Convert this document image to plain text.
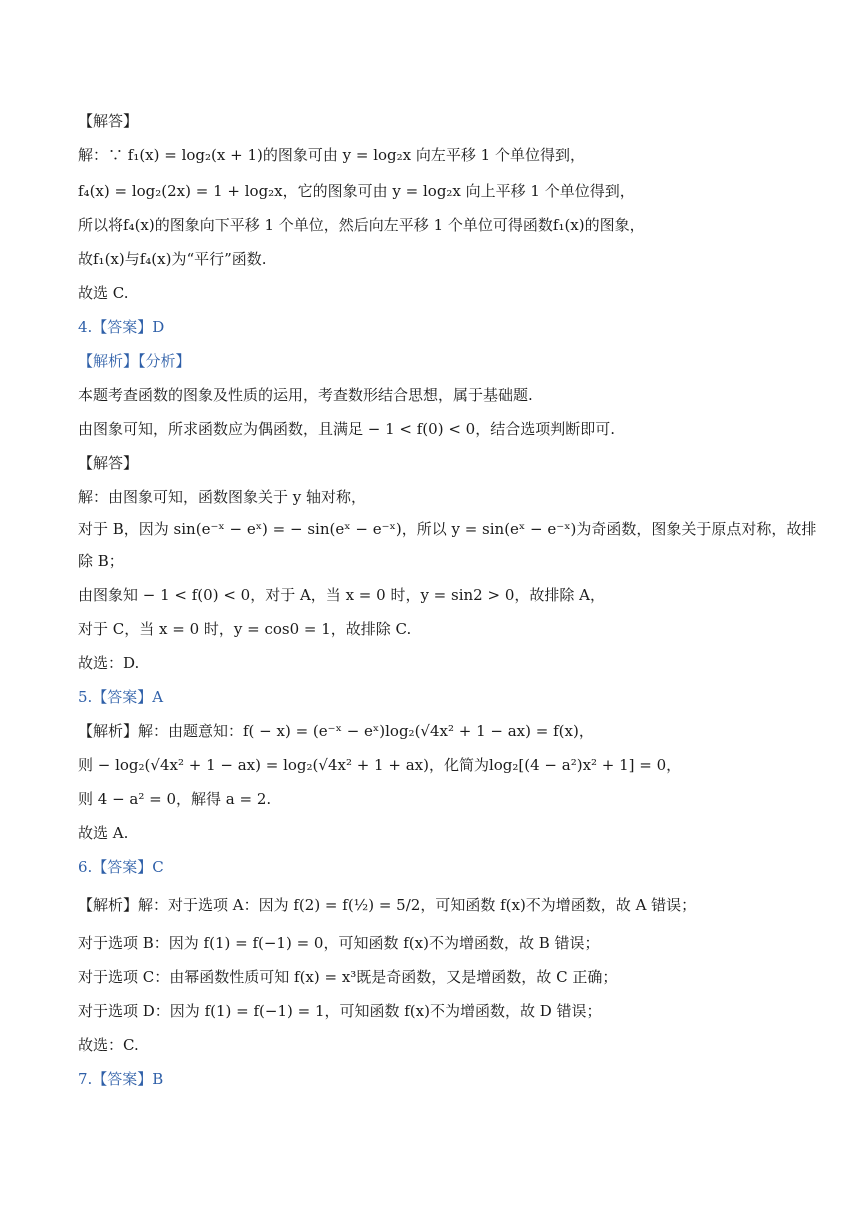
【解答】
解：∵ f₁(x) = log₂(x + 1)的图象可由 y = log₂x 向左平移 1 个单位得到，
f₄(x) = log₂(2x) = 1 + log₂x，它的图象可由 y = log₂x 向上平移 1 个单位得到，
所以将f₄(x)的图象向下平移 1 个单位，然后向左平移 1 个单位可得函数f₁(x)的图象，
故f₁(x)与f₄(x)为“平行”函数.
故选 C.
4.【答案】D
【解析】【分析】
本题考查函数的图象及性质的运用，考查数形结合思想，属于基础题.
由图象可知，所求函数应为偶函数，且满足 − 1 < f(0) < 0，结合选项判断即可.
【解答】
解：由图象可知，函数图象关于 y 轴对称，
对于 B，因为 sin(e⁻ˣ − eˣ) = − sin(eˣ − e⁻ˣ)，所以 y = sin(eˣ − e⁻ˣ)为奇函数，图象关于原点对称，故排
除 B；
由图象知 − 1 < f(0) < 0，对于 A，当 x = 0 时，y = sin2 > 0，故排除 A，
对于 C，当 x = 0 时，y = cos0 = 1，故排除 C.
故选：D.
5.【答案】A
【解析】解：由题意知：f( − x) = (e⁻ˣ − eˣ)log₂(√4x² + 1 − ax) = f(x)，
则 − log₂(√4x² + 1 − ax) = log₂(√4x² + 1 + ax)，化简为log₂[(4 − a²)x² + 1] = 0，
则 4 − a² = 0，解得 a = 2.
故选 A.
6.【答案】C
【解析】解：对于选项 A：因为 f(2) = f(½) = 5/2，可知函数 f(x)不为增函数，故 A 错误；
对于选项 B：因为 f(1) = f(−1) = 0，可知函数 f(x)不为增函数，故 B 错误；
对于选项 C：由幂函数性质可知 f(x) = x³既是奇函数，又是增函数，故 C 正确；
对于选项 D：因为 f(1) = f(−1) = 1，可知函数 f(x)不为增函数，故 D 错误；
故选：C.
7.【答案】B
